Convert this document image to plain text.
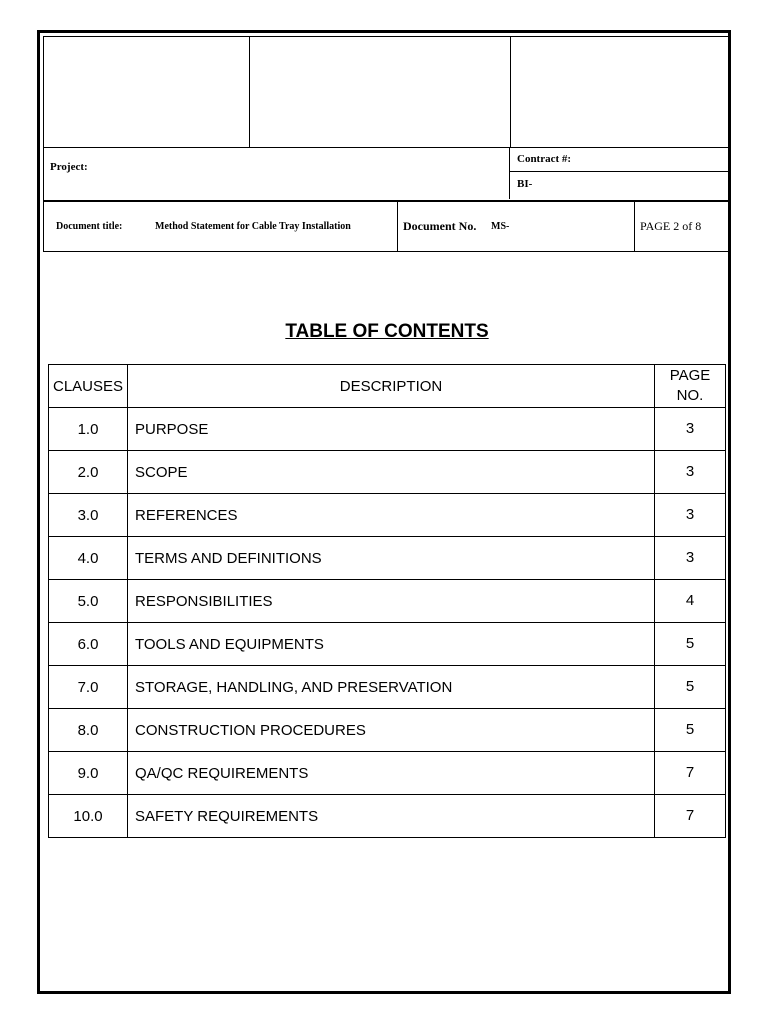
Project:
Contract #:
BI-
Document title:	Method Statement for Cable Tray Installation	Document No. MS-	PAGE 2 of 8
TABLE OF CONTENTS
CLAUSES	DESCRIPTION	PAGE NO.
1.0	PURPOSE	3
2.0	SCOPE	3
3.0	REFERENCES	3
4.0	TERMS AND DEFINITIONS	3
5.0	RESPONSIBILITIES	4
6.0	TOOLS AND EQUIPMENTS	5
7.0	STORAGE, HANDLING, AND PRESERVATION	5
8.0	CONSTRUCTION PROCEDURES	5
9.0	QA/QC REQUIREMENTS	7
10.0	SAFETY REQUIREMENTS	7
